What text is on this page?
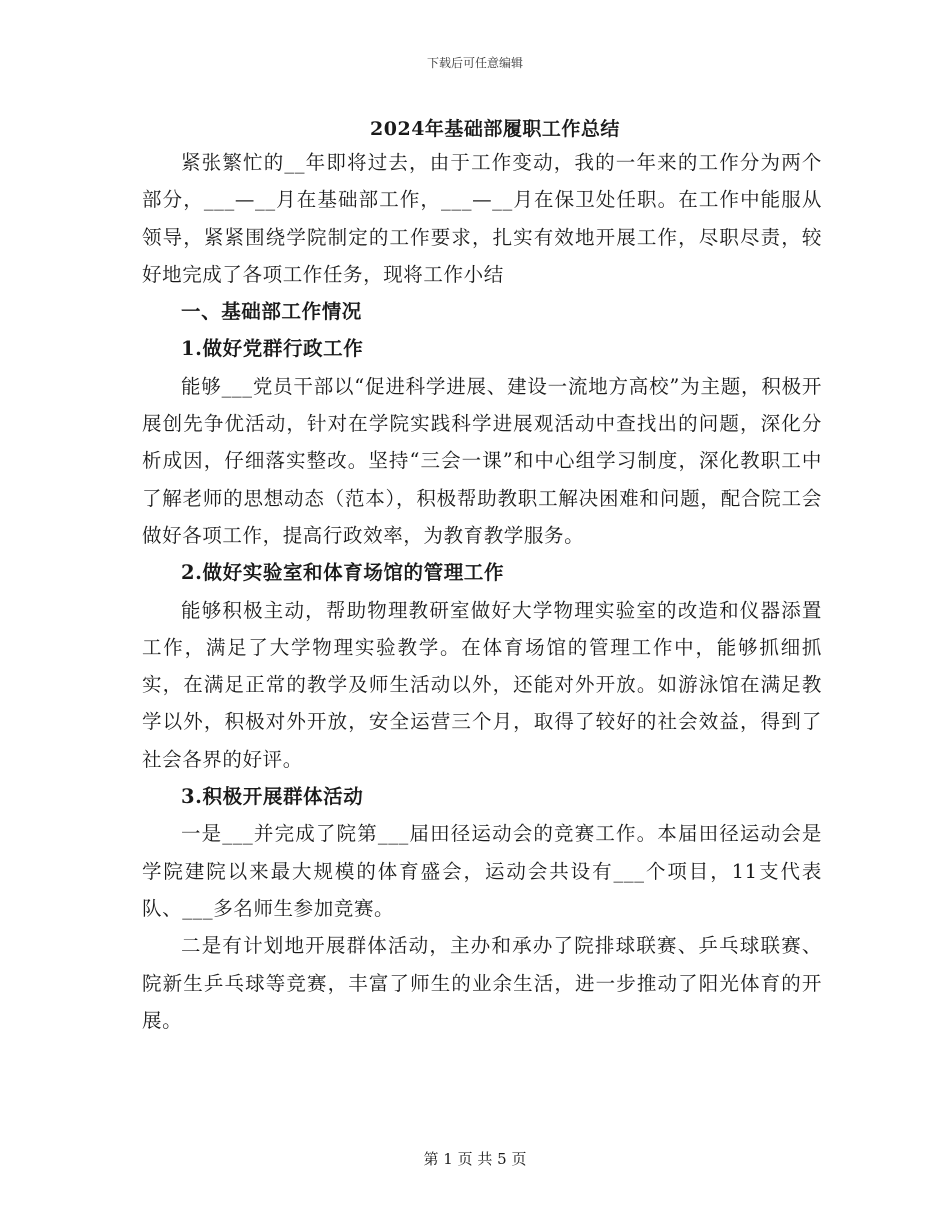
下载后可任意编辑
2024年基础部履职工作总结

紧张繁忙的__年即将过去，由于工作变动，我的一年来的工作分为两个部分，___—__月在基础部工作，___—__月在保卫处任职。在工作中能服从领导，紧紧围绕学院制定的工作要求，扎实有效地开展工作，尽职尽责，较好地完成了各项工作任务，现将工作小结

一、基础部工作情况
1.做好党群行政工作

能够___党员干部以“促进科学进展、建设一流地方高校”为主题，积极开展创先争优活动，针对在学院实践科学进展观活动中查找出的问题，深化分析成因，仔细落实整改。坚持“三会一课”和中心组学习制度，深化教职工中了解老师的思想动态（范本），积极帮助教职工解决困难和问题，配合院工会做好各项工作，提高行政效率，为教育教学服务。

2.做好实验室和体育场馆的管理工作

能够积极主动，帮助物理教研室做好大学物理实验室的改造和仪器添置工作，满足了大学物理实验教学。在体育场馆的管理工作中，能够抓细抓实，在满足正常的教学及师生活动以外，还能对外开放。如游泳馆在满足教学以外，积极对外开放，安全运营三个月，取得了较好的社会效益，得到了社会各界的好评。

3.积极开展群体活动

一是___并完成了院第___届田径运动会的竞赛工作。本届田径运动会是学院建院以来最大规模的体育盛会，运动会共设有___个项目，11支代表队、___多名师生参加竞赛。

二是有计划地开展群体活动，主办和承办了院排球联赛、乒乓球联赛、院新生乒乓球等竞赛，丰富了师生的业余生活，进一步推动了阳光体育的开展。

第 1 页 共 5 页
